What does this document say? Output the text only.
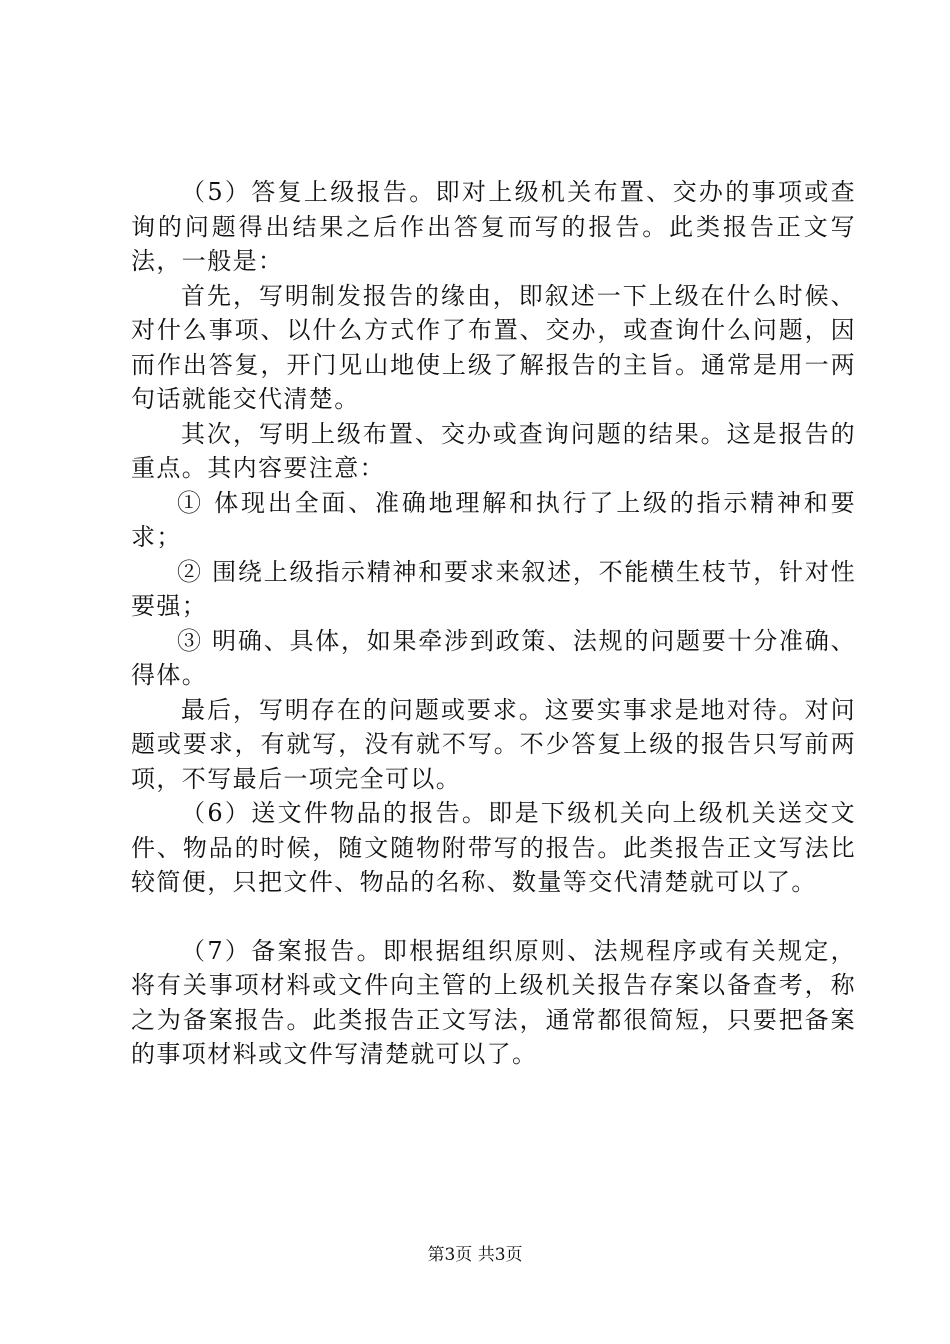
（5）答复上级报告。即对上级机关布置、交办的事项或查询的问题得出结果之后作出答复而写的报告。此类报告正文写法，一般是：

首先，写明制发报告的缘由，即叙述一下上级在什么时候、对什么事项、以什么方式作了布置、交办，或查询什么问题，因而作出答复，开门见山地使上级了解报告的主旨。通常是用一两句话就能交代清楚。

其次，写明上级布置、交办或查询问题的结果。这是报告的重点。其内容要注意：

① 体现出全面、准确地理解和执行了上级的指示精神和要求；

② 围绕上级指示精神和要求来叙述，不能横生枝节，针对性要强；

③ 明确、具体，如果牵涉到政策、法规的问题要十分准确、得体。

最后，写明存在的问题或要求。这要实事求是地对待。对问题或要求，有就写，没有就不写。不少答复上级的报告只写前两项，不写最后一项完全可以。

（6）送文件物品的报告。即是下级机关向上级机关送交文件、物品的时候，随文随物附带写的报告。此类报告正文写法比较简便，只把文件、物品的名称、数量等交代清楚就可以了。

（7）备案报告。即根据组织原则、法规程序或有关规定，将有关事项材料或文件向主管的上级机关报告存案以备查考，称之为备案报告。此类报告正文写法，通常都很简短，只要把备案的事项材料或文件写清楚就可以了。

第3页 共3页
